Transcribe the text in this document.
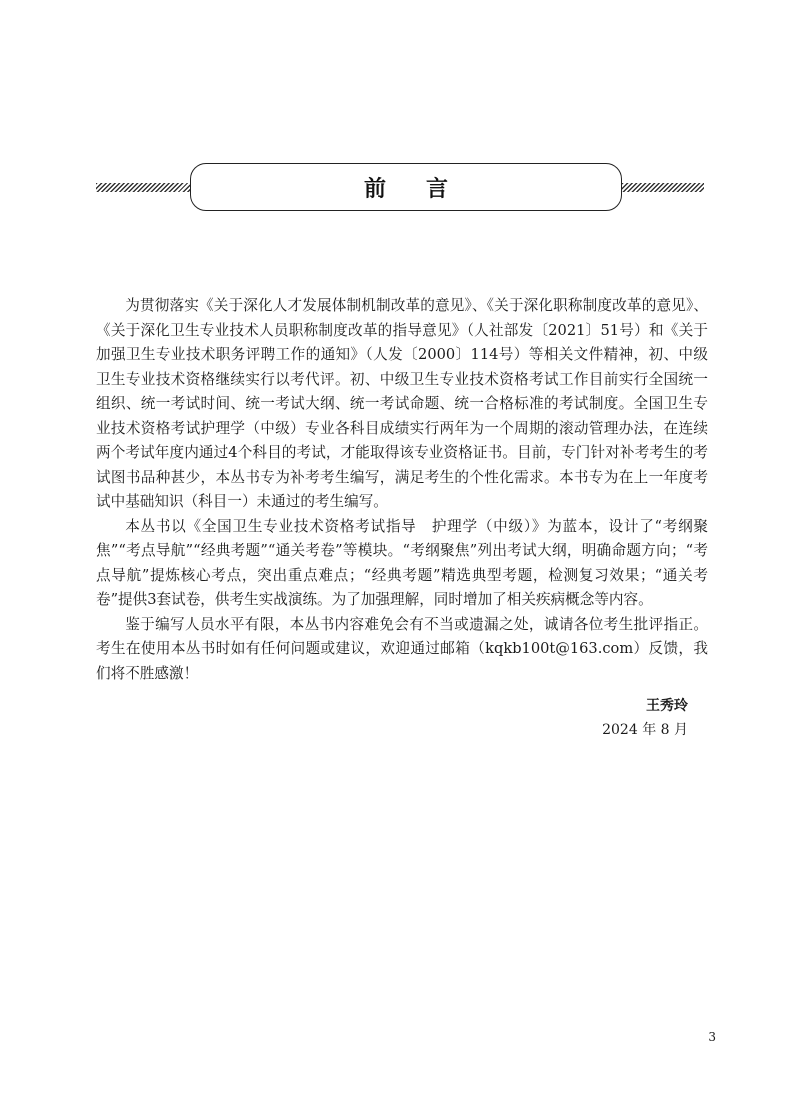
前言

为贯彻落实《关于深化人才发展体制机制改革的意见》、《关于深化职称制度改革的意见》、《关于深化卫生专业技术人员职称制度改革的指导意见》（人社部发〔2021〕51号）和《关于加强卫生专业技术职务评聘工作的通知》（人发〔2000〕114号）等相关文件精神，初、中级卫生专业技术资格继续实行以考代评。初、中级卫生专业技术资格考试工作目前实行全国统一组织、统一考试时间、统一考试大纲、统一考试命题、统一合格标准的考试制度。全国卫生专业技术资格考试护理学（中级）专业各科目成绩实行两年为一个周期的滚动管理办法，在连续两个考试年度内通过4个科目的考试，才能取得该专业资格证书。目前，专门针对补考考生的考试图书品种甚少，本丛书专为补考考生编写，满足考生的个性化需求。本书专为在上一年度考试中基础知识（科目一）未通过的考生编写。

本丛书以《全国卫生专业技术资格考试指导　护理学（中级）》为蓝本，设计了“考纲聚焦”“考点导航”“经典考题”“通关考卷”等模块。“考纲聚焦”列出考试大纲，明确命题方向；“考点导航”提炼核心考点，突出重点难点；“经典考题”精选典型考题，检测复习效果；“通关考卷”提供3套试卷，供考生实战演练。为了加强理解，同时增加了相关疾病概念等内容。

鉴于编写人员水平有限，本丛书内容难免会有不当或遗漏之处，诚请各位考生批评指正。考生在使用本丛书时如有任何问题或建议，欢迎通过邮箱（kqkb100t@163.com）反馈，我们将不胜感激！

王秀玲
2024 年 8 月
3
